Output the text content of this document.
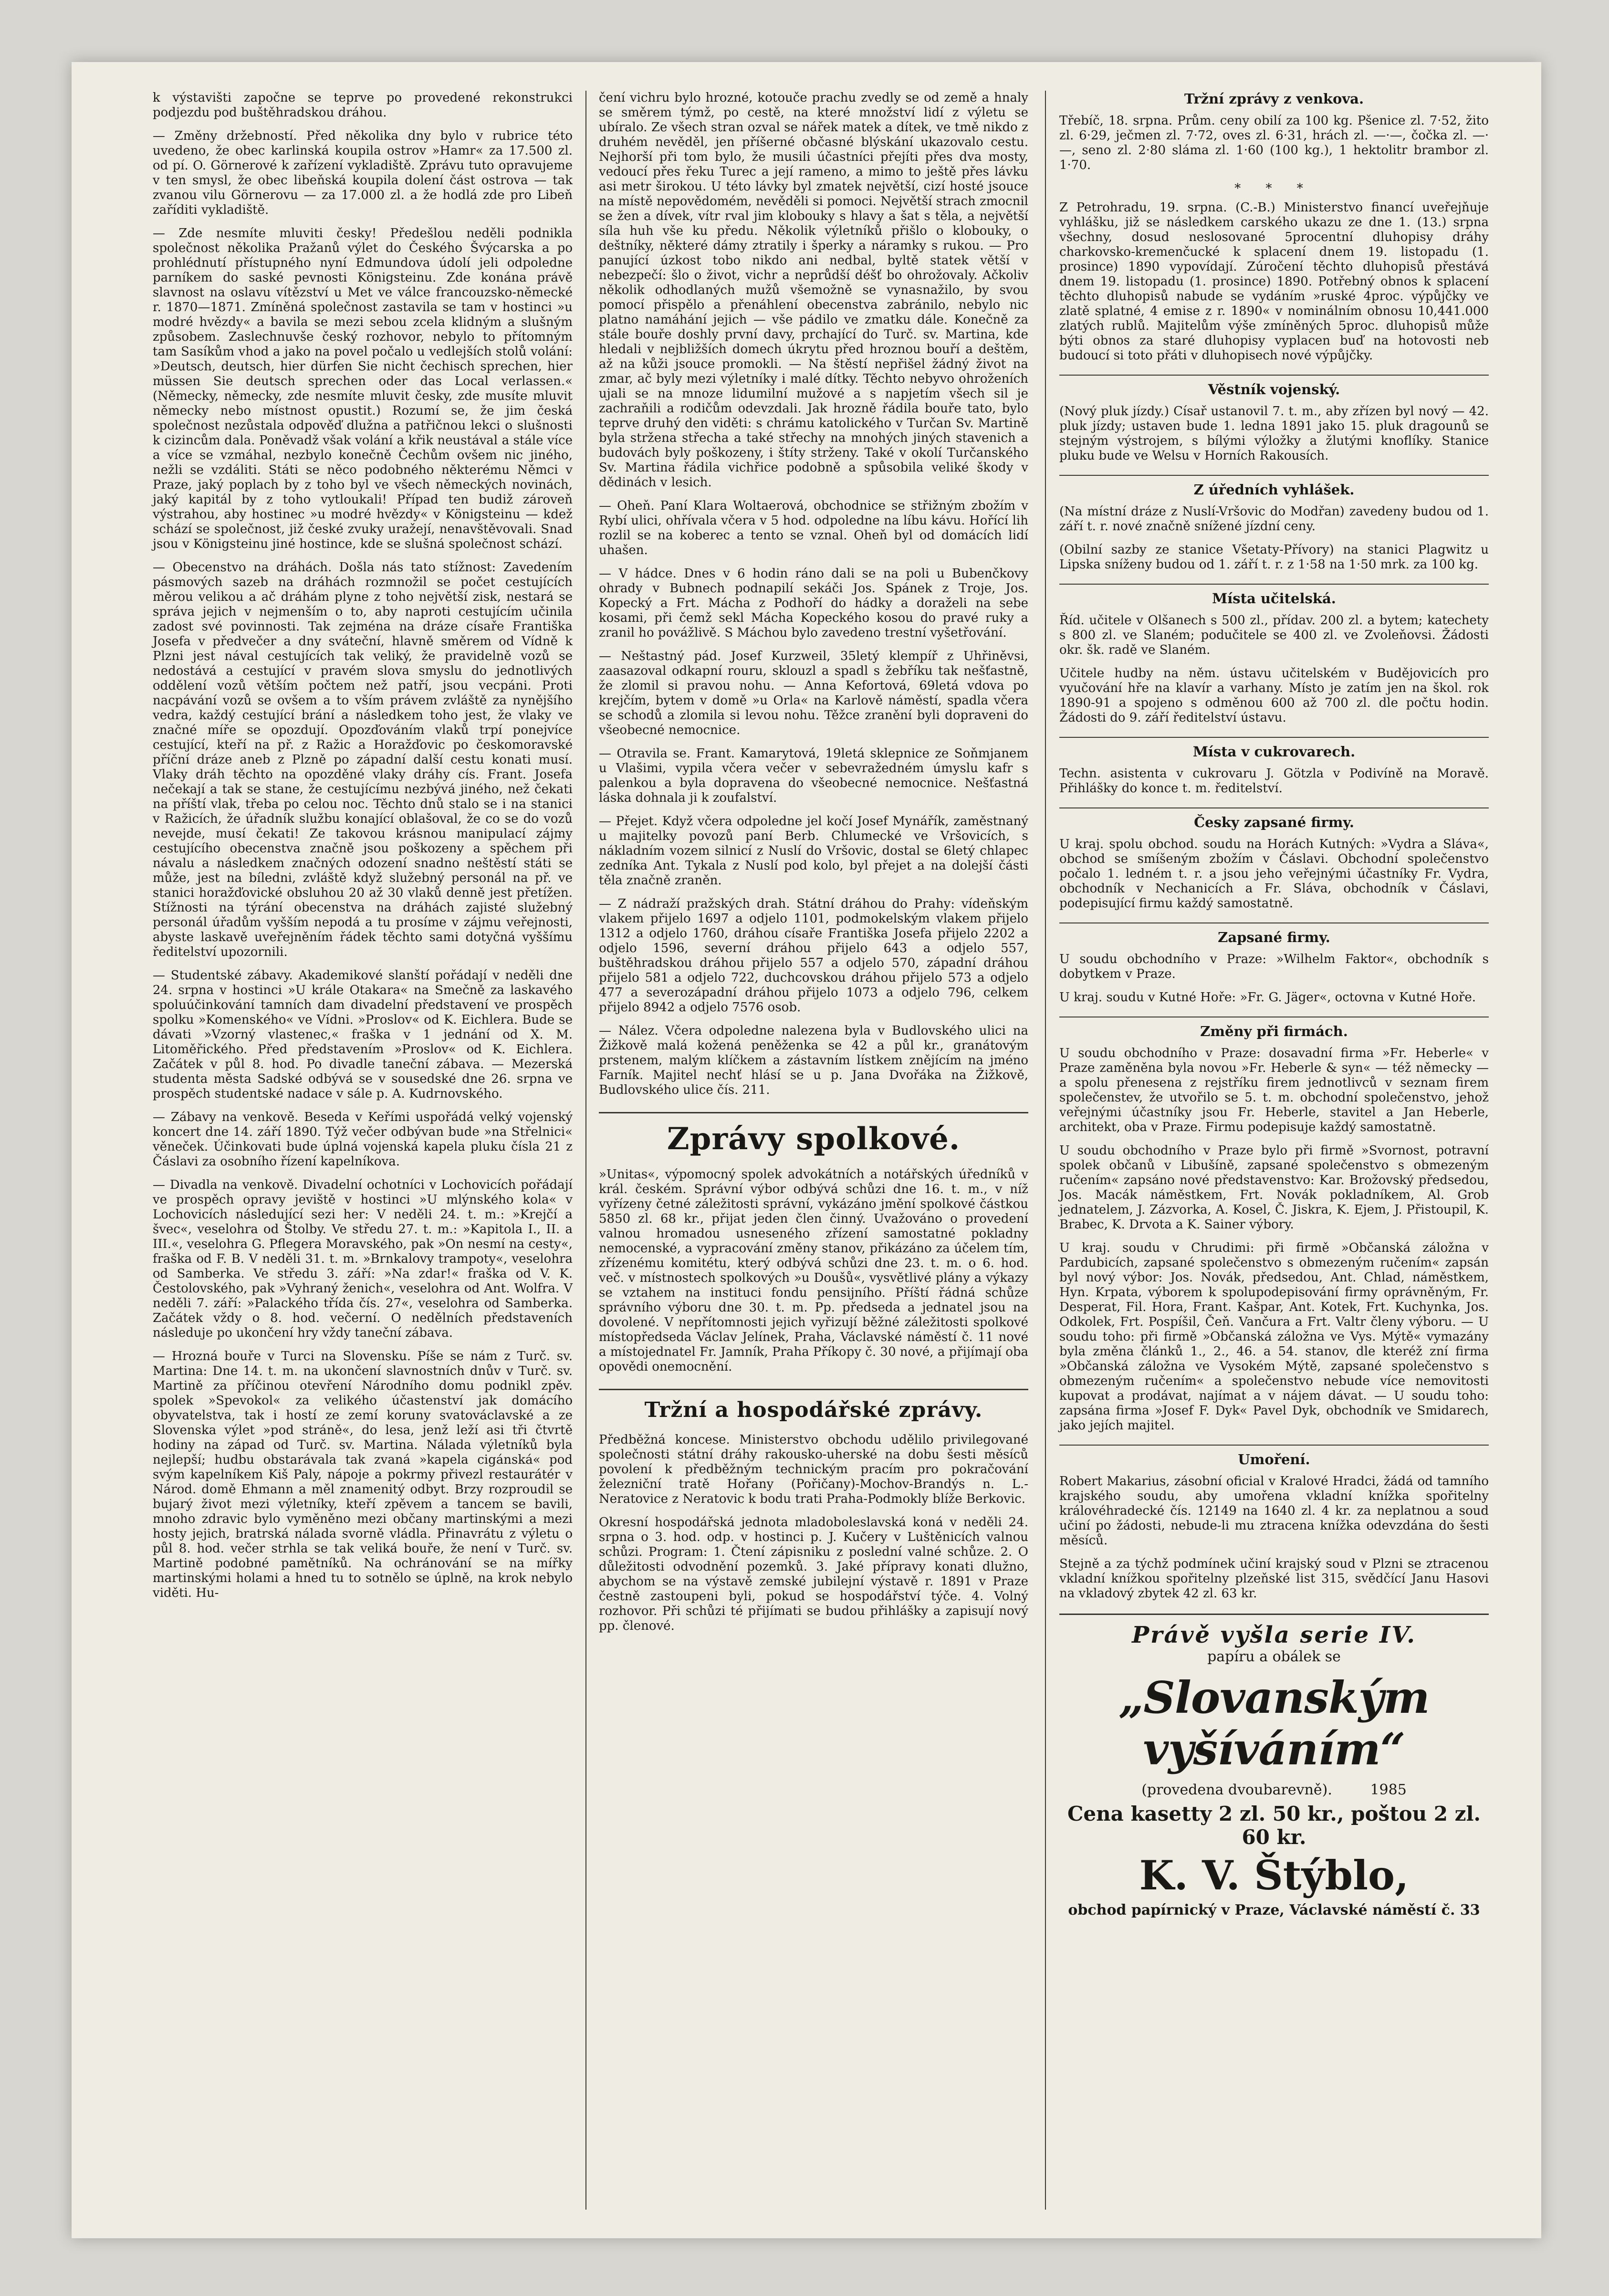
k výstavišti započne se teprve po provedené rekonstrukci podjezdu pod buštěhradskou dráhou.

— Změny držebností. Před několika dny bylo v rubrice této uvedeno, že obec karlinská koupila ostrov »Hamr« za 17.500 zl. od pí. O. Görnerové k zařízení vykladiště. Zprávu tuto opravujeme v ten smysl, že obec libeňská koupila dolení část ostrova — tak zvanou vilu Görnerovu — za 17.000 zl. a že hodlá zde pro Libeň zaříditi vykladiště.

— Zde nesmíte mluviti česky! Předešlou neděli podnikla společnost několika Pražanů výlet do Českého Švýcarska a po prohlédnutí přístupného nyní Edmundova údolí jeli odpoledne parníkem do saské pevnosti Königsteinu. Zde konána právě slavnost na oslavu vítězství u Met ve válce francouzsko-německé r. 1870—1871. Zmíněná společnost zastavila se tam v hostinci »u modré hvězdy« a bavila se mezi sebou zcela klidným a slušným způsobem. Zaslechnuvše český rozhovor, nebylo to přítomným tam Sasíkům vhod a jako na povel počalo u vedlejších stolů volání: »Deutsch, deutsch, hier dürfen Sie nicht čechisch sprechen, hier müssen Sie deutsch sprechen oder das Local verlassen.« (Německy, německy, zde nesmíte mluvit česky, zde musíte mluvit německy nebo místnost opustit.) Rozumí se, že jim česká společnost nezůstala odpověď dlužna a patřičnou lekci o slušnosti k cizincům dala. Poněvadž však volání a křik neustával a stále více a více se vzmáhal, nezbylo konečně Čechům ovšem nic jiného, nežli se vzdáliti. Státi se něco podobného některému Němci v Praze, jaký poplach by z toho byl ve všech německých novinách, jaký kapitál by z toho vytloukali! Případ ten budiž zároveň výstrahou, aby hostinec »u modré hvězdy« v Königsteinu — kdež schází se společnost, již české zvuky uražejí, nenavštěvovali. Snad jsou v Königsteinu jiné hostince, kde se slušná společnost schází.

— Obecenstvo na dráhách. Došla nás tato stížnost: Zavedením pásmových sazeb na dráhách rozmnožil se počet cestujících měrou velikou a ač dráhám plyne z toho největší zisk, nestará se správa jejich v nejmenším o to, aby naproti cestujícím učinila zadost své povinnosti. Tak zejména na dráze císaře Františka Josefa v předvečer a dny sváteční, hlavně směrem od Vídně k Plzni jest nával cestujících tak veliký, že pravidelně vozů se nedostává a cestující v pravém slova smyslu do jednotlivých oddělení vozů větším počtem než patří, jsou vecpáni. Proti nacpávání vozů se ovšem a to vším právem zvláště za nynějšího vedra, každý cestující brání a následkem toho jest, že vlaky ve značné míře se opozdují. Opozďováním vlaků trpí ponejvíce cestující, kteří na př. z Ražic a Horažďovic po českomoravské příční dráze aneb z Plzně po západní další cestu konati musí. Vlaky dráh těchto na opozděné vlaky dráhy cís. Frant. Josefa nečekají a tak se stane, že cestujícímu nezbývá jiného, než čekati na příští vlak, třeba po celou noc. Těchto dnů stalo se i na stanici v Ražicích, že úřadník službu konající oblašoval, že co se do vozů nevejde, musí čekati! Ze takovou krásnou manipulací zájmy cestujícího obecenstva značně jsou poškozeny a spěchem při návalu a následkem značných odození snadno neštěstí státi se může, jest na bíledni, zvláště když služebný personál na př. ve stanici horažďovické obsluhou 20 až 30 vlaků denně jest přetížen. Stížnosti na týrání obecenstva na dráhách zajisté služebný personál úřadům vyšším nepodá a tu prosíme v zájmu veřejnosti, abyste laskavě uveřejněním řádek těchto sami dotyčná vyššímu ředitelství upozornili.

— Studentské zábavy. Akademikové slanští pořádají v neděli dne 24. srpna v hostinci »U krále Otakara« na Smečně za laskavého spoluúčinkování tamních dam divadelní představení ve prospěch spolku »Komenského« ve Vídni. »Proslov« od K. Eichlera. Bude se dávati »Vzorný vlastenec,« fraška v 1 jednání od X. M. Litoměřického. Před představením »Proslov« od K. Eichlera. Začátek v půl 8. hod. Po divadle taneční zábava. — Mezerská studenta města Sadské odbývá se v sousedské dne 26. srpna ve prospěch studentské nadace v sále p. A. Kudrnovského.

— Zábavy na venkově. Beseda v Keřími uspořádá velký vojenský koncert dne 14. září 1890. Týž večer odbývan bude »na Střelnici« věneček. Účinkovati bude úplná vojenská kapela pluku čísla 21 z Čáslavi za osobního řízení kapelníkova.

— Divadla na venkově. Divadelní ochotníci v Lochovicích pořádají ve prospěch opravy jeviště v hostinci »U mlýnského kola« v Lochovicích následující sezi her: V neděli 24. t. m.: »Krejčí a švec«, veselohra od Štolby. Ve středu 27. t. m.: »Kapitola I., II. a III.«, veselohra G. Pflegera Moravského, pak »On nesmí na cesty«, fraška od F. B. V neděli 31. t. m. »Brnkalovy trampoty«, veselohra od Samberka. Ve středu 3. září: »Na zdar!« fraška od V. K. Čestolovského, pak »Vyhraný ženich«, veselohra od Ant. Wolfra. V neděli 7. září: »Palackého třída čís. 27«, veselohra od Samberka. Začátek vždy o 8. hod. večerní. O nedělních představeních následuje po ukončení hry vždy taneční zábava.

— Hrozná bouře v Turci na Slovensku. Píše se nám z Turč. sv. Martina: Dne 14. t. m. na ukončení slavnostních dnův v Turč. sv. Martině za příčinou otevření Národního domu podnikl zpěv. spolek »Spevokol« za velikého účastenství jak domácího obyvatelstva, tak i hostí ze zemí koruny svatováclavské a ze Slovenska výlet »pod stráně«, do lesa, jenž leží asi tři čtvrtě hodiny na západ od Turč. sv. Martina. Nálada výletníků byla nejlepší; hudbu obstarávala tak zvaná »kapela cigánská« pod svým kapelníkem Kiš Paly, nápoje a pokrmy přivezl restaurátér v Národ. domě Ehmann a měl znamenitý odbyt. Brzy rozproudil se bujarý život mezi výletníky, kteří zpěvem a tancem se bavili, mnoho zdravic bylo vyměněno mezi občany martinskými a mezi hosty jejich, bratrská nálada svorně vládla. Přinavrátu z výletu o půl 8. hod. večer strhla se tak veliká bouře, že není v Turč. sv. Martině podobné pamětníků. Na ochránování se na mířky martinskými holami a hned tu to sotnělo se úplně, na krok nebylo viděti. Hu-

čení vichru bylo hrozné, kotouče prachu zvedly se od země a hnaly se směrem týmž, po cestě, na které množství lidí z výletu se ubíralo. Ze všech stran ozval se nářek matek a dítek, ve tmě nikdo z druhém nevěděl, jen příšerné občasné blýskání ukazovalo cestu. Nejhorší při tom bylo, že musili účastníci přejíti přes dva mosty, vedoucí přes řeku Turec a její rameno, a mimo to ještě přes lávku asi metr širokou. U této lávky byl zmatek největší, cizí hosté jsouce na místě nepovědomém, nevěděli si pomoci. Největší strach zmocnil se žen a dívek, vítr rval jim klobouky s hlavy a šat s těla, a největší síla huh vše ku předu. Několik výletníků přišlo o klobouky, o deštníky, některé dámy ztratily i šperky a náramky s rukou. — Pro panující úzkost tobo nikdo ani nedbal, byltě statek větší v nebezpečí: šlo o život, vichr a neprůdší déšť bo ohrožovaly. Ačkoliv několik odhodlaných mužů všemožně se vynasnažilo, by svou pomocí přispělo a přenáhlení obecenstva zabránilo, nebylo nic platno namáhání jejich — vše pádilo ve zmatku dále. Konečně za stále bouře doshly první davy, prchající do Turč. sv. Martina, kde hledali v nejbližších domech úkrytu před hroznou bouří a deštěm, až na kůži jsouce promokli. — Na štěstí nepřišel žádný život na zmar, ač byly mezi výletníky i malé dítky. Těchto nebyvo ohroženích ujali se na mnoze lidumilní mužové a s napjetím všech sil je zachraňili a rodičům odevzdali. Jak hrozně řádila bouře tato, bylo teprve druhý den viděti: s chrámu katolického v Turčan Sv. Martině byla stržena střecha a také střechy na mnohých jiných stavenich a budovách byly poškozeny, i štíty strženy. Také v okolí Turčanského Sv. Martina řádila vichřice podobně a spůsobila veliké škody v dědinách v lesich.

— Oheň. Paní Klara Woltaerová, obchodnice se střižným zbožím v Rybí ulici, ohřívala včera v 5 hod. odpoledne na líbu kávu. Hořící lih rozlil se na koberec a tento se vznal. Oheň byl od domácích lidí uhašen.

— V hádce. Dnes v 6 hodin ráno dali se na poli u Bubenčkovy ohrady v Bubnech podnapilí sekáči Jos. Spánek z Troje, Jos. Kopecký a Frt. Mácha z Podhoří do hádky a doraželi na sebe kosami, při čemž sekl Mácha Kopeckého kosou do pravé ruky a zranil ho povážlivě. S Máchou bylo zavedeno trestní vyšetřování.

— Neštastný pád. Josef Kurzweil, 35letý klempíř z Uhřiněvsi, zaasazoval odkapní rouru, sklouzl a spadl s žebříku tak nešťastně, že zlomil si pravou nohu. — Anna Kefortová, 69letá vdova po krejčím, bytem v domě »u Orla« na Karlově náměstí, spadla včera se schodů a zlomila si levou nohu. Těžce zranění byli dopraveni do všeobecné nemocnice.

— Otravila se. Frant. Kamarytová, 19letá sklepnice ze Soňmjanem u Vlašimi, vypila včera večer v sebevražedném úmyslu kafr s palenkou a byla dopravena do všeobecné nemocnice. Nešťastná láska dohnala ji k zoufalství.

— Přejet. Když včera odpoledne jel kočí Josef Mynářík, zaměstnaný u majitelky povozů paní Berb. Chlumecké ve Vršovicích, s nákladním vozem silnicí z Nuslí do Vršovic, dostal se 6letý chlapec zedníka Ant. Tykala z Nuslí pod kolo, byl přejet a na dolejší části těla značně zraněn.

— Z nádraží pražských drah. Státní dráhou do Prahy: vídeňským vlakem přijelo 1697 a odjelo 1101, podmokelským vlakem přijelo 1312 a odjelo 1760, dráhou císaře Františka Josefa přijelo 2202 a odjelo 1596, severní dráhou přijelo 643 a odjelo 557, buštěhradskou dráhou přijelo 557 a odjelo 570, západní dráhou přijelo 581 a odjelo 722, duchcovskou dráhou přijelo 573 a odjelo 477 a severozápadní dráhou přijelo 1073 a odjelo 796, celkem přijelo 8942 a odjelo 7576 osob.

— Nález. Včera odpoledne nalezena byla v Budlovského ulici na Žižkově malá kožená peněženka se 42 a půl kr., granátovým prstenem, malým klíčkem a zástavním lístkem znějícím na jméno Farník. Majitel nechť hlásí se u p. Jana Dvořáka na Žižkově, Budlovského ulice čís. 211.

Zprávy spolkové.

»Unitas«, výpomocný spolek advokátních a notářských úředníků v král. českém. Správní výbor odbývá schůzi dne 16. t. m., v níž vyřízeny četné záležitosti správní, vykázáno jmění spolkové částkou 5850 zl. 68 kr., přijat jeden člen činný. Uvažováno o provedení valnou hromadou usneseného zřízení samostatné pokladny nemocenské, a vypracování změny stanov, přikázáno za účelem tím, zřízenému komitétu, který odbývá schůzi dne 23. t. m. o 6. hod. več. v místnostech spolkových »u Doušů«, vysvětlivé plány a výkazy se vztahem na instituci fondu pensijního. Příští řádná schůze správního výboru dne 30. t. m. Pp. předseda a jednatel jsou na dovolené. V nepřítomnosti jejich vyřizují běžné záležitosti spolkové místopředseda Václav Jelínek, Praha, Václavské náměstí č. 11 nové a místojednatel Fr. Jamník, Praha Příkopy č. 30 nové, a přijímají oba opovědi onemocnění.

Tržní a hospodářské zprávy.

Předběžná koncese. Ministerstvo obchodu udělilo privilegované společnosti státní dráhy rakousko-uherské na dobu šesti měsíců povolení k předběžným technickým pracím pro pokračování železniční tratě Hořany (Pořičany)-Mochov-Brandýs n. L.-Neratovice z Neratovic k bodu trati Praha-Podmokly blíže Berkovic.

Okresní hospodářská jednota mladoboleslavská koná v neděli 24. srpna o 3. hod. odp. v hostinci p. J. Kučery v Luštěnicích valnou schůzi. Program: 1. Čtení zápisniku z poslední valné schůze. 2. O důležitosti odvodnění pozemků. 3. Jaké přípravy konati dlužno, abychom se na výstavě zemské jubilejní výstavě r. 1891 v Praze čestně zastoupeni byli, pokud se hospodářství týče. 4. Volný rozhovor. Při schůzi té přijímati se budou přihlášky a zapisují nový pp. členové.

Tržní zprávy z venkova.

Třebíč, 18. srpna. Prům. ceny obilí za 100 kg. Pšenice zl. 7·52, žito zl. 6·29, ječmen zl. 7·72, oves zl. 6·31, hrách zl. —·—, čočka zl. —·—, seno zl. 2·80 sláma zl. 1·60 (100 kg.), 1 hektolitr brambor zl. 1·70.

* * *

Z Petrohradu, 19. srpna. (C.-B.) Ministerstvo financí uveřejňuje vyhlášku, již se následkem carského ukazu ze dne 1. (13.) srpna všechny, dosud neslosované 5procentní dluhopisy dráhy charkovsko-kremenčucké k splacení dnem 19. listopadu (1. prosince) 1890 vypovídají. Zúročení těchto dluhopisů přestává dnem 19. listopadu (1. prosince) 1890. Potřebný obnos k splacení těchto dluhopisů nabude se vydáním »ruské 4proc. výpůjčky ve zlatě splatné, 4 emise z r. 1890« v nominálním obnosu 10,441.000 zlatých rublů. Majitelům výše zmíněných 5proc. dluhopisů může býti obnos za staré dluhopisy vyplacen buď na hotovosti neb budoucí si toto přáti v dluhopisech nové výpůjčky.

Věstník vojenský.

(Nový pluk jízdy.) Císař ustanovil 7. t. m., aby zřízen byl nový — 42. pluk jízdy; ustaven bude 1. ledna 1891 jako 15. pluk dragounů se stejným výstrojem, s bílými výložky a žlutými knoflíky. Stanice pluku bude ve Welsu v Horních Rakousích.

Z úředních vyhlášek.

(Na místní dráze z Nuslí-Vršovic do Modřan) zavedeny budou od 1. září t. r. nové značně snížené jízdní ceny.

(Obilní sazby ze stanice Všetaty-Přívory) na stanici Plagwitz u Lipska sníženy budou od 1. září t. r. z 1·58 na 1·50 mrk. za 100 kg.

Místa učitelská.

Říd. učitele v Olšanech s 500 zl., přídav. 200 zl. a bytem; katechety s 800 zl. ve Slaném; podučitele se 400 zl. ve Zvoleňovsi. Žádosti okr. šk. radě ve Slaném.

Učitele hudby na něm. ústavu učitelském v Budějovicích pro vyučování hře na klavír a varhany. Místo je zatím jen na škol. rok 1890-91 a spojeno s odměnou 600 až 700 zl. dle počtu hodin. Žádosti do 9. září ředitelství ústavu.

Místa v cukrovarech.

Techn. asistenta v cukrovaru J. Götzla v Podivíně na Moravě. Přihlášky do konce t. m. ředitelství.

Česky zapsané firmy.

U kraj. spolu obchod. soudu na Horách Kutných: »Vydra a Sláva«, obchod se smíšeným zbožím v Čáslavi. Obchodní společenstvo počalo 1. ledném t. r. a jsou jeho veřejnými účastníky Fr. Vydra, obchodník v Nechanicích a Fr. Sláva, obchodník v Čáslavi, podepisující firmu každý samostatně.

Zapsané firmy.

U soudu obchodního v Praze: »Wilhelm Faktor«, obchodník s dobytkem v Praze.

U kraj. soudu v Kutné Hoře: »Fr. G. Jäger«, octovna v Kutné Hoře.

Změny při firmách.

U soudu obchodního v Praze: dosavadní firma »Fr. Heberle« v Praze zaměněna byla novou »Fr. Heberle & syn« — též německy — a spolu přenesena z rejstříku firem jednotlivců v seznam firem společenstev, že utvořilo se 5. t. m. obchodní společenstvo, jehož veřejnými účastníky jsou Fr. Heberle, stavitel a Jan Heberle, architekt, oba v Praze. Firmu podepisuje každý samostatně.

U soudu obchodního v Praze bylo při firmě »Svornost, potravní spolek občanů v Libušíně, zapsané společenstvo s obmezeným ručením« zapsáno nové představenstvo: Kar. Brožovský předsedou, Jos. Macák náměstkem, Frt. Novák pokladníkem, Al. Grob jednatelem, J. Zázvorka, A. Kosel, Č. Jiskra, K. Ejem, J. Přistoupil, K. Brabec, K. Drvota a K. Sainer výbory.

U kraj. soudu v Chrudimi: při firmě »Občanská záložna v Pardubicích, zapsané společenstvo s obmezeným ručením« zapsán byl nový výbor: Jos. Novák, předsedou, Ant. Chlad, náměstkem, Hyn. Krpata, výborem k spolupodepisování firmy oprávněným, Fr. Desperat, Fil. Hora, Frant. Kašpar, Ant. Kotek, Frt. Kuchynka, Jos. Odkolek, Frt. Pospíšil, Čeň. Vančura a Frt. Valtr členy výboru. — U soudu toho: při firmě »Občanská záložna ve Vys. Mýtě« vymazány byla změna článků 1., 2., 46. a 54. stanov, dle kteréž zní firma »Občanská záložna ve Vysokém Mýtě, zapsané společenstvo s obmezeným ručením« a společenstvo nebude více nemovitosti kupovat a prodávat, najímat a v nájem dávat. — U soudu toho: zapsána firma »Josef F. Dyk« Pavel Dyk, obchodník ve Smidarech, jako jejích majitel.

Umoření.

Robert Makarius, zásobní oficial v Kralové Hradci, žádá od tamního krajského soudu, aby umořena vkladní knížka spořitelny královéhradecké čís. 12149 na 1640 zl. 4 kr. za neplatnou a soud učiní po žádosti, nebude-li mu ztracena knížka odevzdána do šesti měsíců.

Stejně a za týchž podmínek učiní krajský soud v Plzni se ztracenou vkladní knížkou spořitelny plzeňské list 315, svědčící Janu Hasovi na vkladový zbytek 42 zl. 63 kr.

Právě vyšla serie IV.
papíru a obálek se
„Slovanským vyšíváním“
(provedena dvoubarevně).	1985
Cena kasetty 2 zl. 50 kr., poštou 2 zl. 60 kr.
K. V. Štýblo,
obchod papírnický v Praze, Václavské náměstí č. 33
